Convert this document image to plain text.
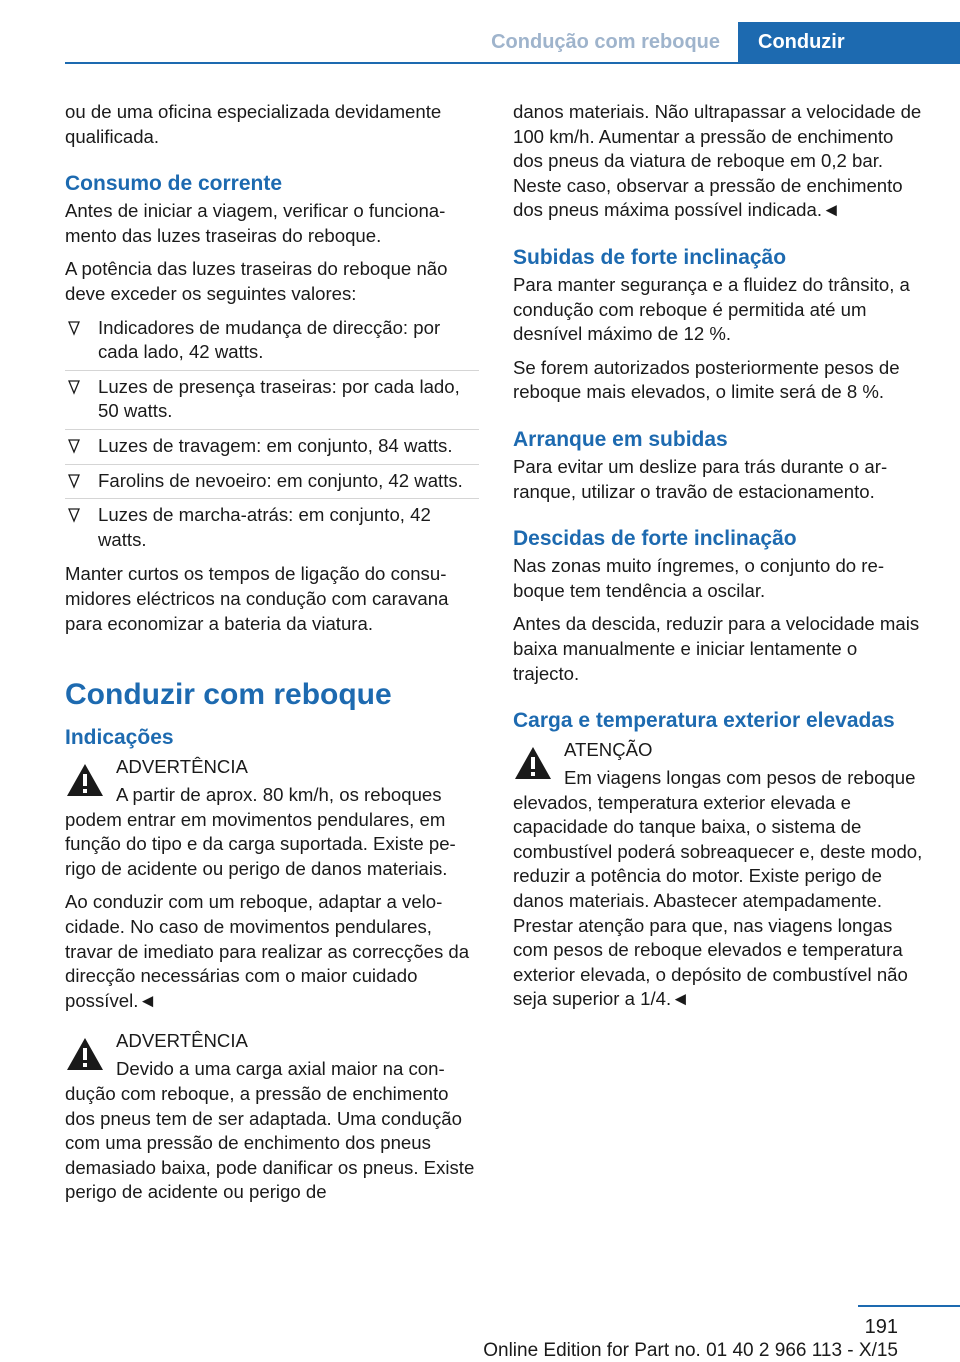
Condução com reboque	Conduzir

ou de uma oficina especializada devidamente qualificada.

Consumo de corrente

Antes de iniciar a viagem, verificar o funcionamento das luzes traseiras do reboque.

A potência das luzes traseiras do reboque não deve exceder os seguintes valores:

Indicadores de mudança de direcção: por cada lado, 42 watts.
Luzes de presença traseiras: por cada lado, 50 watts.
Luzes de travagem: em conjunto, 84 watts.
Farolins de nevoeiro: em conjunto, 42 watts.
Luzes de marcha-atrás: em conjunto, 42 watts.

Manter curtos os tempos de ligação do consumidores eléctricos na condução com caravana para economizar a bateria da viatura.

Conduzir com reboque
Indicações

ADVERTÊNCIA

A partir de aprox. 80 km/h, os reboques podem entrar em movimentos pendulares, em função do tipo e da carga suportada. Existe perigo de acidente ou perigo de danos materiais.

Ao conduzir com um reboque, adaptar a velocidade. No caso de movimentos pendulares, travar de imediato para realizar as correcções da direcção necessárias com o maior cuidado possível.◄

ADVERTÊNCIA

Devido a uma carga axial maior na condução com reboque, a pressão de enchimento dos pneus tem de ser adaptada. Uma condução com uma pressão de enchimento dos pneus demasiado baixa, pode danificar os pneus. Existe perigo de acidente ou perigo de

danos materiais. Não ultrapassar a velocidade de 100 km/h. Aumentar a pressão de enchimento dos pneus da viatura de reboque em 0,2 bar. Neste caso, observar a pressão de enchimento dos pneus máxima possível indicada.◄

Subidas de forte inclinação

Para manter segurança e a fluidez do trânsito, a condução com reboque é permitida até um desnível máximo de 12 %.

Se forem autorizados posteriormente pesos de reboque mais elevados, o limite será de 8 %.

Arranque em subidas

Para evitar um deslize para trás durante o arranque, utilizar o travão de estacionamento.

Descidas de forte inclinação

Nas zonas muito íngremes, o conjunto do reboque tem tendência a oscilar.

Antes da descida, reduzir para a velocidade mais baixa manualmente e iniciar lentamente o trajecto.

Carga e temperatura exterior elevadas

ATENÇÃO

Em viagens longas com pesos de reboque elevados, temperatura exterior elevada e capacidade do tanque baixa, o sistema de combustível poderá sobreaquecer e, deste modo, reduzir a potência do motor. Existe perigo de danos materiais. Abastecer atempadamente. Prestar atenção para que, nas viagens longas com pesos de reboque elevados e temperatura exterior elevada, o depósito de combustível não seja superior a 1/4.◄

191
Online Edition for Part no. 01 40 2 966 113 - X/15
